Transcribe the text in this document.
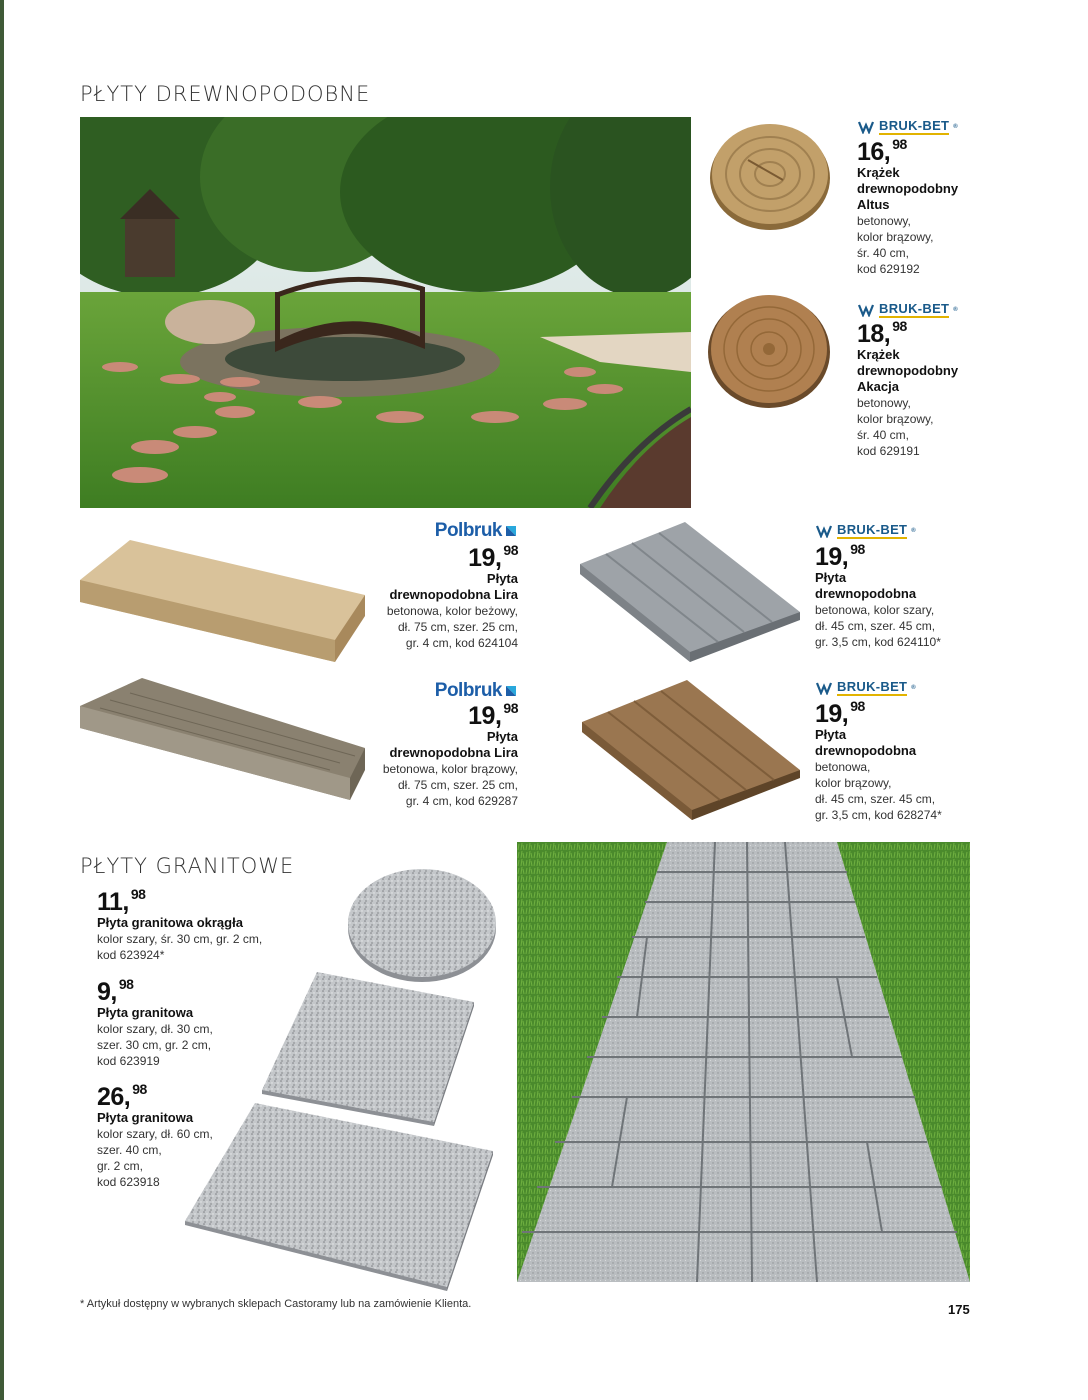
PŁYTY DREWNOPODOBNE
BRUK-BET ®
16, $^{98}$
Krążek
drewnopodobny
Altus
betonowy,
kolor brązowy,
śr. 40 cm,
kod 629192
BRUK-BET ®
18, $^{98}$
Krążek
drewnopodobny
Akacja
betonowy,
kolor brązowy,
śr. 40 cm,
kod 629191
Polbruk
19, $^{98}$
Płyta
drewnopodobna Lira
betonowa, kolor beżowy,
dł. 75 cm, szer. 25 cm,
gr. 4 cm, kod 624104
Polbruk
19, $^{98}$
Płyta
drewnopodobna Lira
betonowa, kolor brązowy,
dł. 75 cm, szer. 25 cm,
gr. 4 cm, kod 629287
BRUK-BET ®
19, $^{98}$
Płyta
drewnopodobna
betonowa, kolor szary,
dł. 45 cm, szer. 45 cm,
gr. 3,5 cm, kod 624110*
BRUK-BET ®
19, $^{98}$
Płyta
drewnopodobna
betonowa,
kolor brązowy,
dł. 45 cm, szer. 45 cm,
gr. 3,5 cm, kod 628274*
PŁYTY GRANITOWE
11, $^{98}$
Płyta granitowa okrągła
kolor szary, śr. 30 cm, gr. 2 cm,
kod 623924*
9, $^{98}$
Płyta granitowa
kolor szary, dł. 30 cm,
szer. 30 cm, gr. 2 cm,
kod 623919
26, $^{98}$
Płyta granitowa
kolor szary, dł. 60 cm,
szer. 40 cm,
gr. 2 cm,
kod 623918
* Artykuł dostępny w wybranych sklepach Castoramy lub na zamówienie Klienta.	175
